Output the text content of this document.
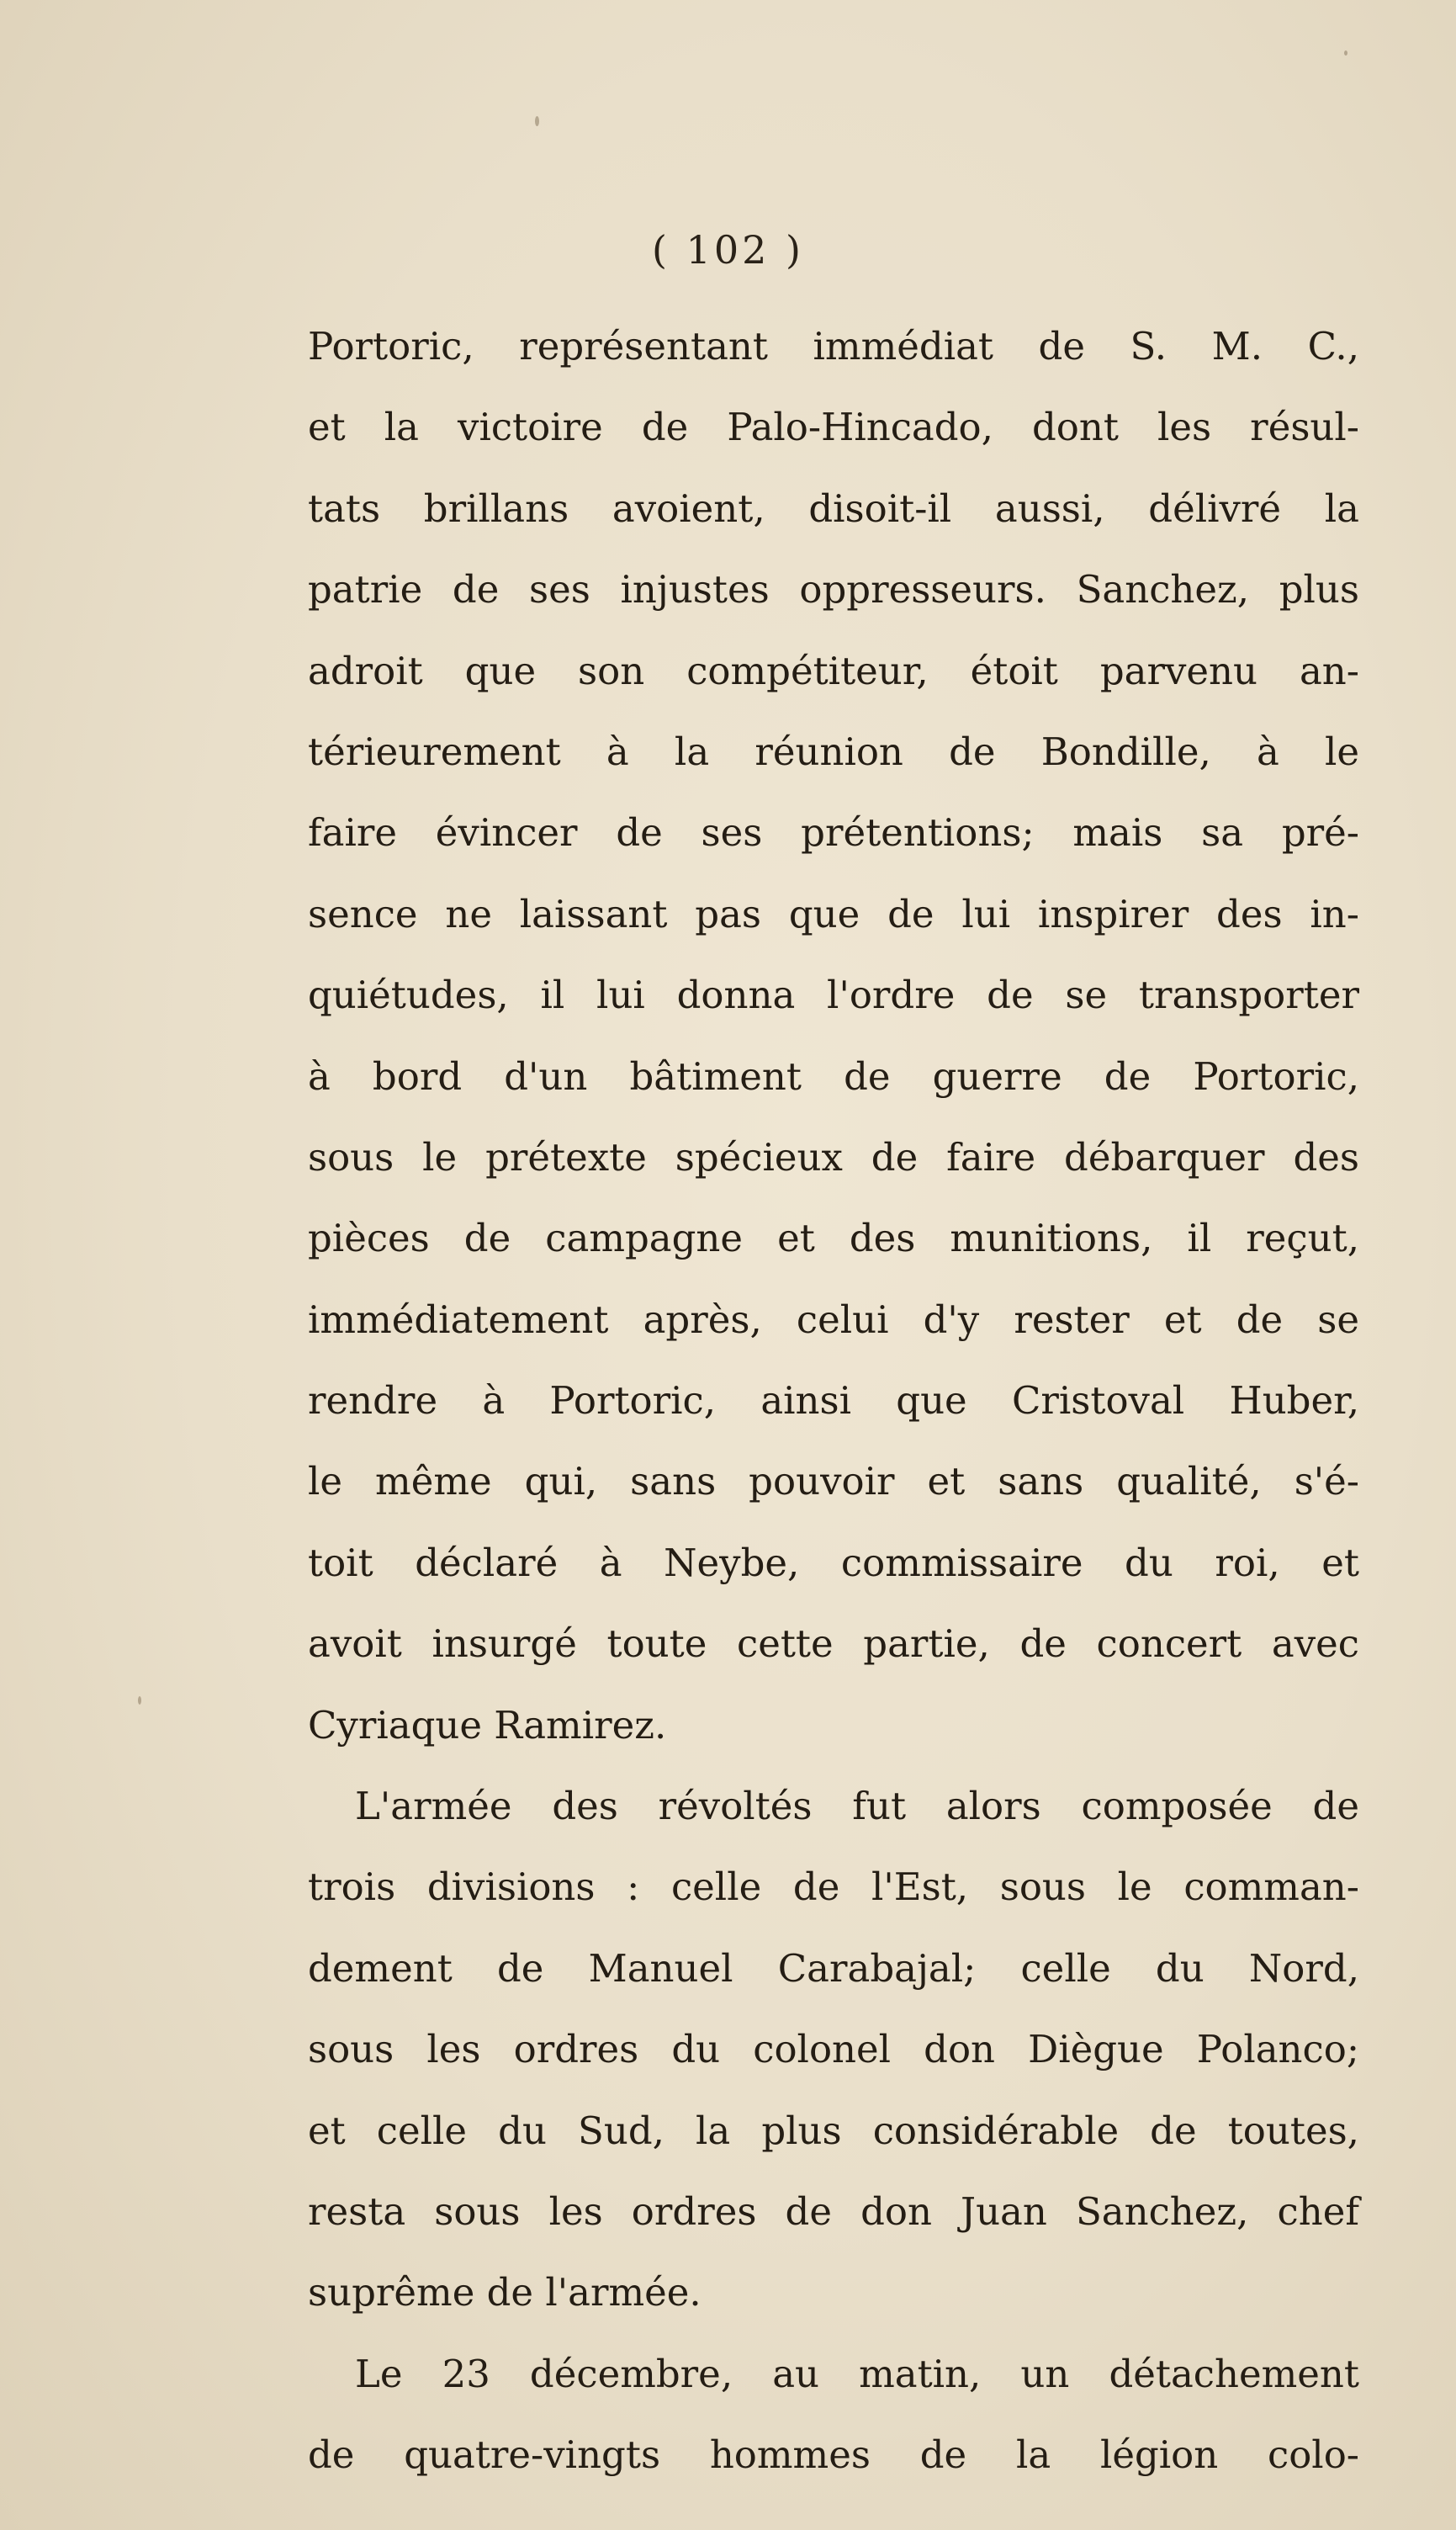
( 102 )
Portoric, représentant immédiat de S. M. C.,
et la victoire de Palo-Hincado, dont les résul-
tats brillans avoient, disoit-il aussi, délivré la
patrie de ses injustes oppresseurs. Sanchez, plus
adroit que son compétiteur, étoit parvenu an-
térieurement à la réunion de Bondille, à le
faire évincer de ses prétentions; mais sa pré-
sence ne laissant pas que de lui inspirer des in-
quiétudes, il lui donna l'ordre de se transporter
à bord d'un bâtiment de guerre de Portoric,
sous le prétexte spécieux de faire débarquer des
pièces de campagne et des munitions, il reçut,
immédiatement après, celui d'y rester et de se
rendre à Portoric, ainsi que Cristoval Huber,
le même qui, sans pouvoir et sans qualité, s'é-
toit déclaré à Neybe, commissaire du roi, et
avoit insurgé toute cette partie, de concert avec
Cyriaque Ramirez.
L'armée des révoltés fut alors composée de
trois divisions : celle de l'Est, sous le comman-
dement de Manuel Carabajal; celle du Nord,
sous les ordres du colonel don Diègue Polanco;
et celle du Sud, la plus considérable de toutes,
resta sous les ordres de don Juan Sanchez, chef
suprême de l'armée.
Le 23 décembre, au matin, un détachement
de quatre-vingts hommes de la légion colo-
